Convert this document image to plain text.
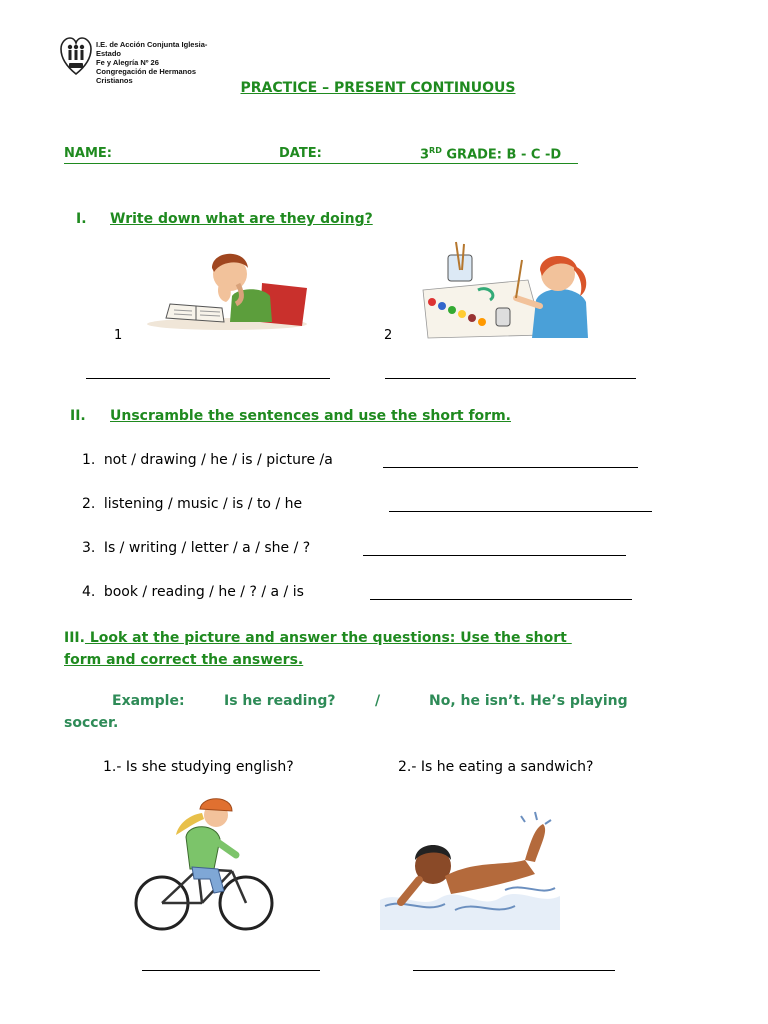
I.E. de Acción Conjunta Iglesia-Estado
Fe y Alegría Nº 26
Congregación de Hermanos Cristianos	PRACTICE – PRESENT CONTINUOUS
NAME:	DATE:	3RD GRADE: B - C -D
I. Write down what are they doing?
1	2
II. Unscramble the sentences and use the short form.
1. not / drawing / he / is / picture /a
2. listening / music / is / to / he
3. Is / writing / letter / a / she / ?
4. book / reading / he / ? / a / is
III. Look at the picture and answer the questions: Use the short
form and correct the answers.
Example:	Is he reading?	/	No, he isn’t. He’s playing
soccer.
1.- Is she studying english?	2.- Is he eating a sandwich?
